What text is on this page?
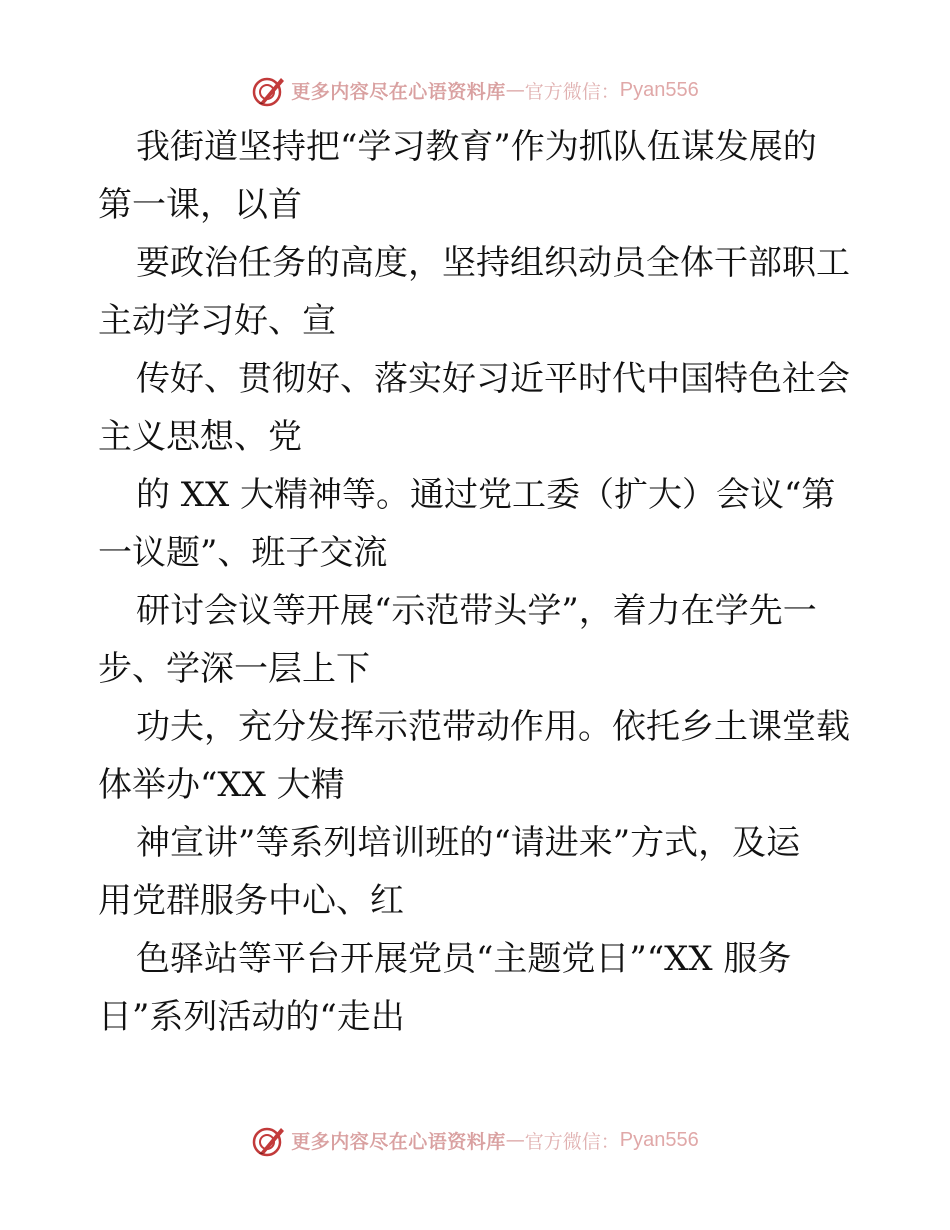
更多内容尽在心语资料库 — 官方微信： Pyan556
我街道坚持把“学习教育”作为抓队伍谋发展的
第一课，以首
要政治任务的高度，坚持组织动员全体干部职工
主动学习好、宣
传好、贯彻好、落实好习近平时代中国特色社会
主义思想、党
的 XX 大精神等。通过党工委（扩大）会议“第
一议题”、班子交流
研讨会议等开展“示范带头学”，着力在学先一
步、学深一层上下
功夫，充分发挥示范带动作用。依托乡土课堂载
体举办“XX 大精
神宣讲”等系列培训班的“请进来”方式，及运
用党群服务中心、红
色驿站等平台开展党员“主题党日”“XX 服务
日”系列活动的“走出
更多内容尽在心语资料库 — 官方微信： Pyan556
